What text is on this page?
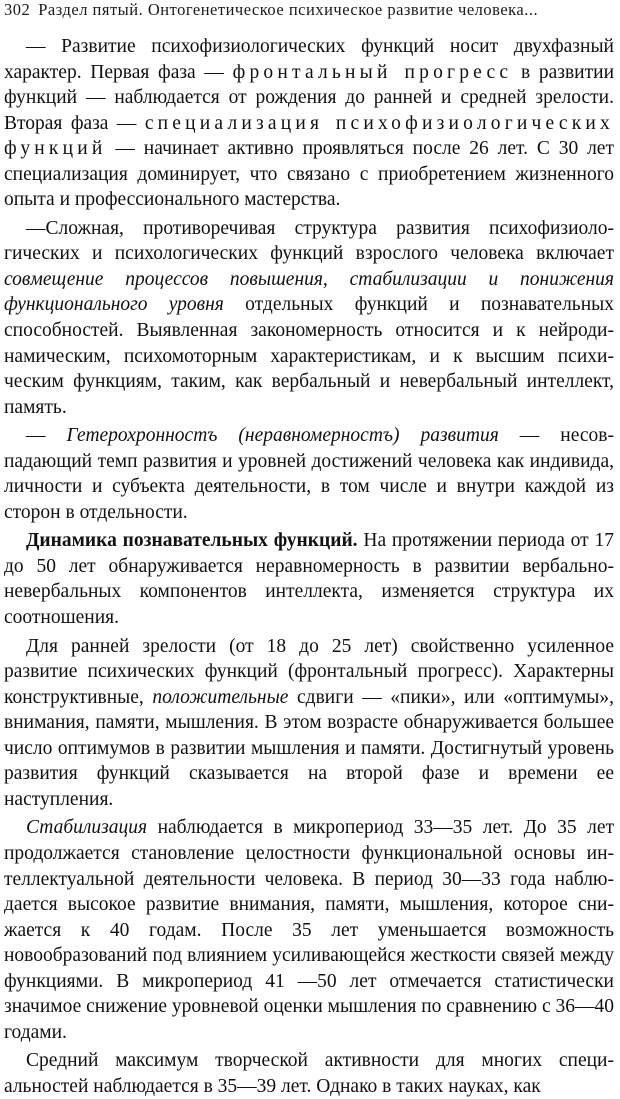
302 Раздел пятый. Онтогенетическое психическое развитие человека...

— Развитие психофизиологических функций носит двухфазный характер. Первая фаза — фронтальный прогресс в развитии функций — наблюдается от рождения до ранней и средней зрелости. Вторая фаза — специализация психофизиологических функций — начинает активно проявляться после 26 лет. С 30 лет специализация доминирует, что связано с приобретением жизненного опыта и профессионального мастерства.

—Сложная, противоречивая структура развития психофизиологических и психологических функций взрослого человека включает совмещение процессов повышения, стабилизации и понижения функционального уровня отдельных функций и познавательных способностей. Выявленная закономерность относится и к нейродинамическим, психомоторным характеристикам, и к высшим психическим функциям, таким, как вербальный и невербальный интеллект, память.

— Гетерохронностъ (неравномерностъ) развития — несовпадающий темп развития и уровней достижений человека как индивида, личности и субъекта деятельности, в том числе и внутри каждой из сторон в отдельности.

Динамика познавательных функций. На протяжении периода от 17 до 50 лет обнаруживается неравномерность в развитии вербально-невербальных компонентов интеллекта, изменяется структура их соотношения.

Для ранней зрелости (от 18 до 25 лет) свойственно усиленное развитие психических функций (фронтальный прогресс). Характерны конструктивные, положительные сдвиги — «пики», или «оптимумы», внимания, памяти, мышления. В этом возрасте обнаруживается большее число оптимумов в развитии мышления и памяти. Достигнутый уровень развития функций сказывается на второй фазе и времени ее наступления.

Стабилизация наблюдается в микропериод 33—35 лет. До 35 лет продолжается становление целостности функциональной основы интеллектуальной деятельности человека. В период 30—33 года наблюдается высокое развитие внимания, памяти, мышления, которое снижается к 40 годам. После 35 лет уменьшается возможность новообразований под влиянием усиливающейся жесткости связей между функциями. В микропериод 41 —50 лет отмечается статистически значимое снижение уровневой оценки мышления по сравнению с 36—40 годами.

Средний максимум творческой активности для многих специальностей наблюдается в 35—39 лет. Однако в таких науках, как
